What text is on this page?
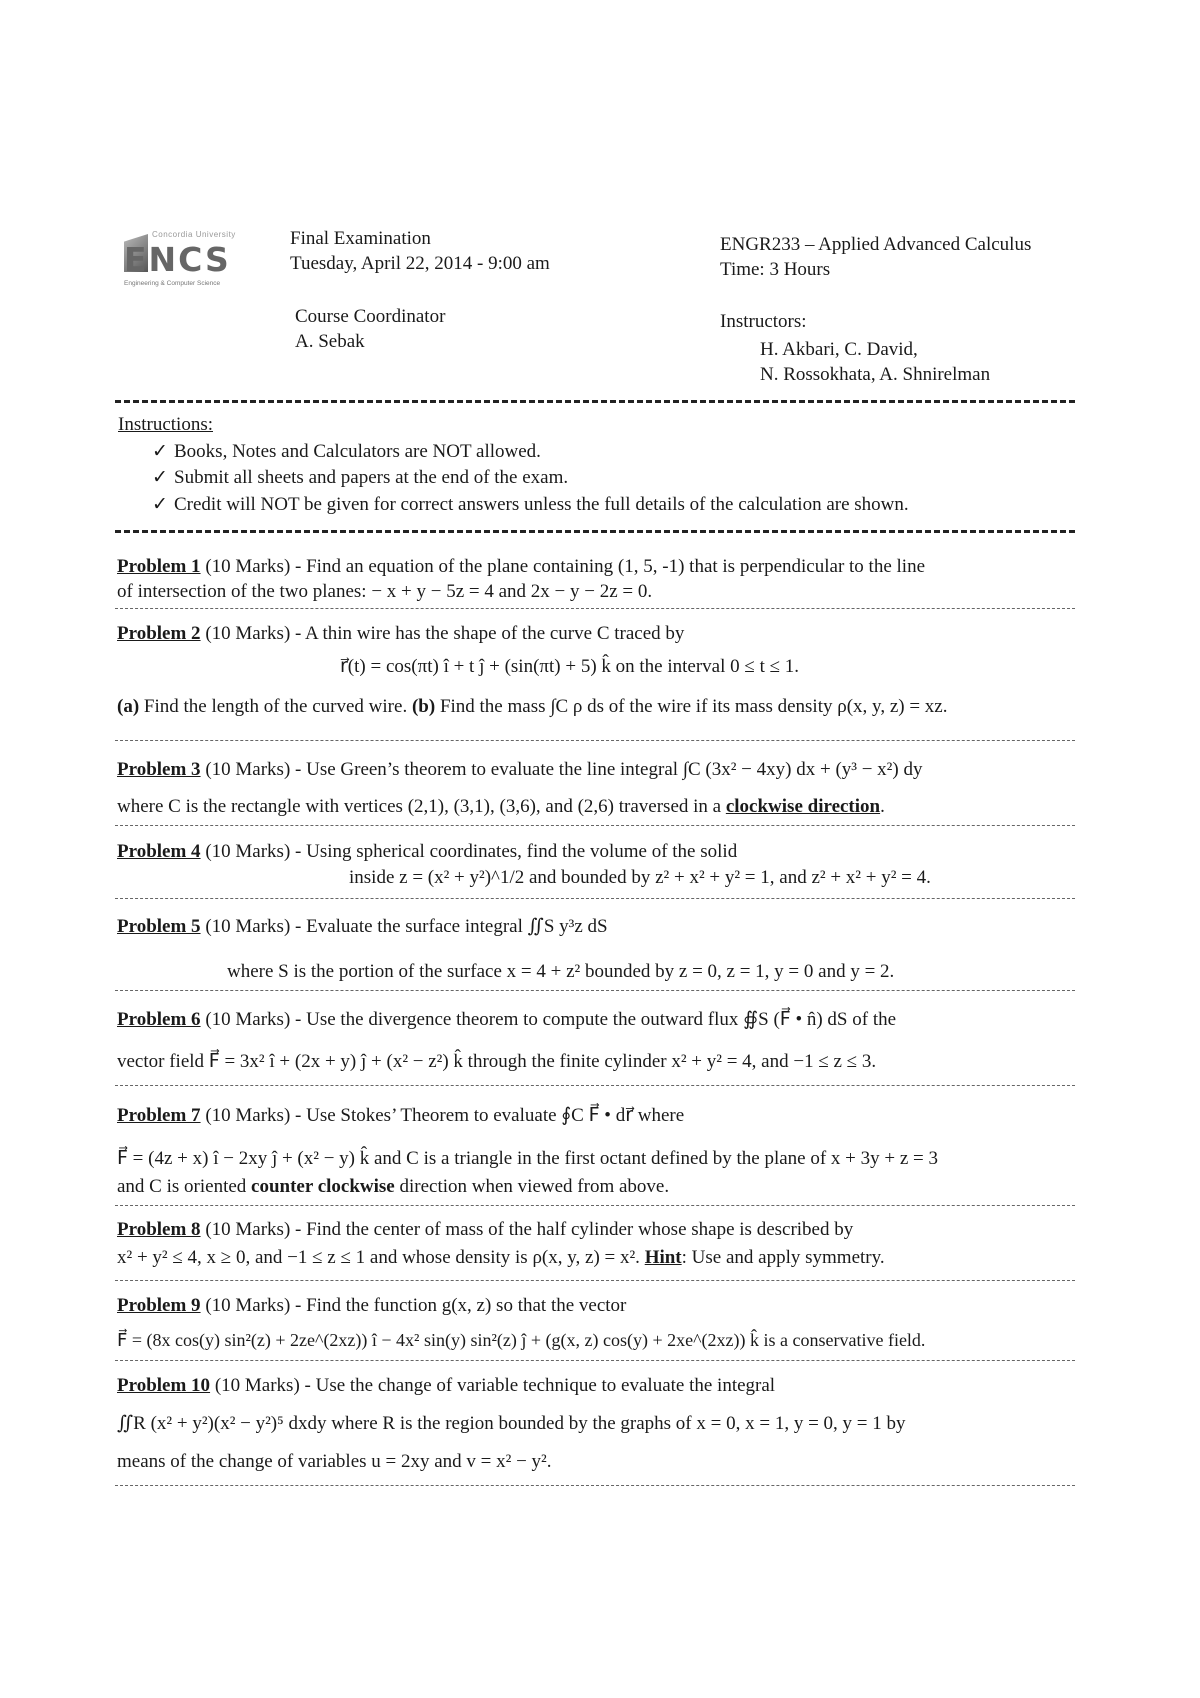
Concordia University
ENCS
Engineering & Computer Science
Final Examination
Tuesday, April 22, 2014 - 9:00 am
ENGR233 – Applied Advanced Calculus
Time: 3 Hours
Course Coordinator
A. Sebak
Instructors:
H. Akbari, C. David,
N. Rossokhata, A. Shnirelman
Instructions:
✓ Books, Notes and Calculators are NOT allowed.
✓ Submit all sheets and papers at the end of the exam.
✓ Credit will NOT be given for correct answers unless the full details of the calculation are shown.
Problem 1 (10 Marks) - Find an equation of the plane containing (1, 5, -1) that is perpendicular to the line
of intersection of the two planes: − x + y − 5z = 4 and 2x − y − 2z = 0.
Problem 2 (10 Marks) - A thin wire has the shape of the curve C traced by
r⃗(t) = cos(πt) î + t ĵ + (sin(πt) + 5) k̂ on the interval 0 ≤ t ≤ 1.
(a) Find the length of the curved wire. (b) Find the mass ∫C ρ ds of the wire if its mass density ρ(x, y, z) = xz.
Problem 3 (10 Marks) - Use Green’s theorem to evaluate the line integral ∫C (3x² − 4xy) dx + (y³ − x²) dy
where C is the rectangle with vertices (2,1), (3,1), (3,6), and (2,6) traversed in a clockwise direction.
Problem 4 (10 Marks) - Using spherical coordinates, find the volume of the solid
inside z = (x² + y²)^1/2 and bounded by z² + x² + y² = 1, and z² + x² + y² = 4.
Problem 5 (10 Marks) - Evaluate the surface integral ∬S y³z dS
where S is the portion of the surface x = 4 + z² bounded by z = 0, z = 1, y = 0 and y = 2.
Problem 6 (10 Marks) - Use the divergence theorem to compute the outward flux ∯S (F⃗ • n̂) dS of the
vector field F⃗ = 3x² î + (2x + y) ĵ + (x² − z²) k̂ through the finite cylinder x² + y² = 4, and −1 ≤ z ≤ 3.
Problem 7 (10 Marks) - Use Stokes’ Theorem to evaluate ∮C F⃗ • dr⃗ where
F⃗ = (4z + x) î − 2xy ĵ + (x² − y) k̂ and C is a triangle in the first octant defined by the plane of x + 3y + z = 3
and C is oriented counter clockwise direction when viewed from above.
Problem 8 (10 Marks) - Find the center of mass of the half cylinder whose shape is described by
x² + y² ≤ 4, x ≥ 0, and −1 ≤ z ≤ 1 and whose density is ρ(x, y, z) = x². Hint: Use and apply symmetry.
Problem 9 (10 Marks) - Find the function g(x, z) so that the vector
F⃗ = (8x cos(y) sin²(z) + 2ze^(2xz)) î − 4x² sin(y) sin²(z) ĵ + (g(x, z) cos(y) + 2xe^(2xz)) k̂ is a conservative field.
Problem 10 (10 Marks) - Use the change of variable technique to evaluate the integral
∬R (x² + y²)(x² − y²)⁵ dxdy where R is the region bounded by the graphs of x = 0, x = 1, y = 0, y = 1 by
means of the change of variables u = 2xy and v = x² − y².
